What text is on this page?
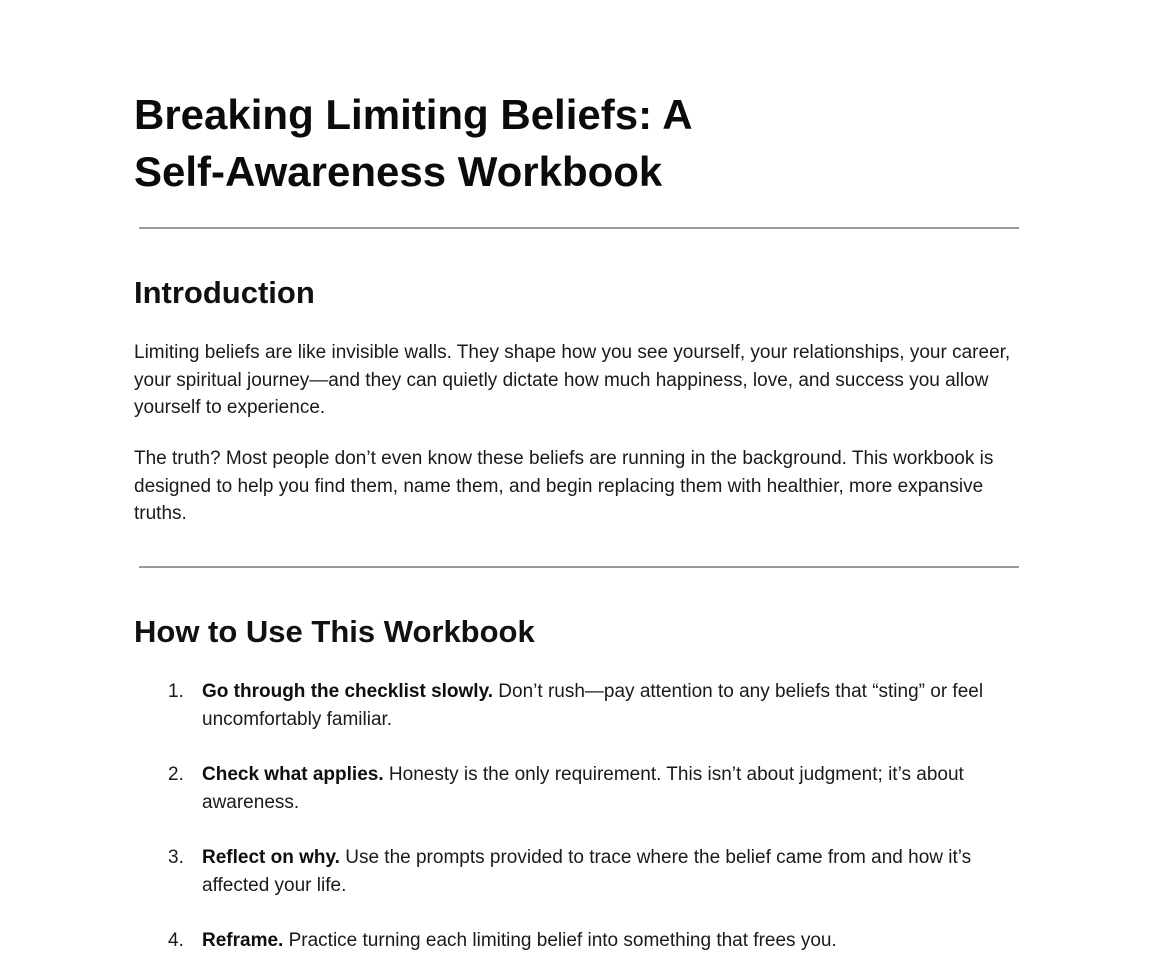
Breaking Limiting Beliefs: A
Self-Awareness Workbook
Introduction

Limiting beliefs are like invisible walls. They shape how you see yourself, your relationships, your career, your spiritual journey—and they can quietly dictate how much happiness, love, and success you allow yourself to experience.

The truth? Most people don’t even know these beliefs are running in the background. This workbook is designed to help you find them, name them, and begin replacing them with healthier, more expansive truths.

How to Use This Workbook
1. Go through the checklist slowly. Don’t rush—pay attention to any beliefs that “sting” or feel uncomfortably familiar.

2. Check what applies. Honesty is the only requirement. This isn’t about judgment; it’s about awareness.

3. Reflect on why. Use the prompts provided to trace where the belief came from and how it’s affected your life.

4. Reframe. Practice turning each limiting belief into something that frees you.
